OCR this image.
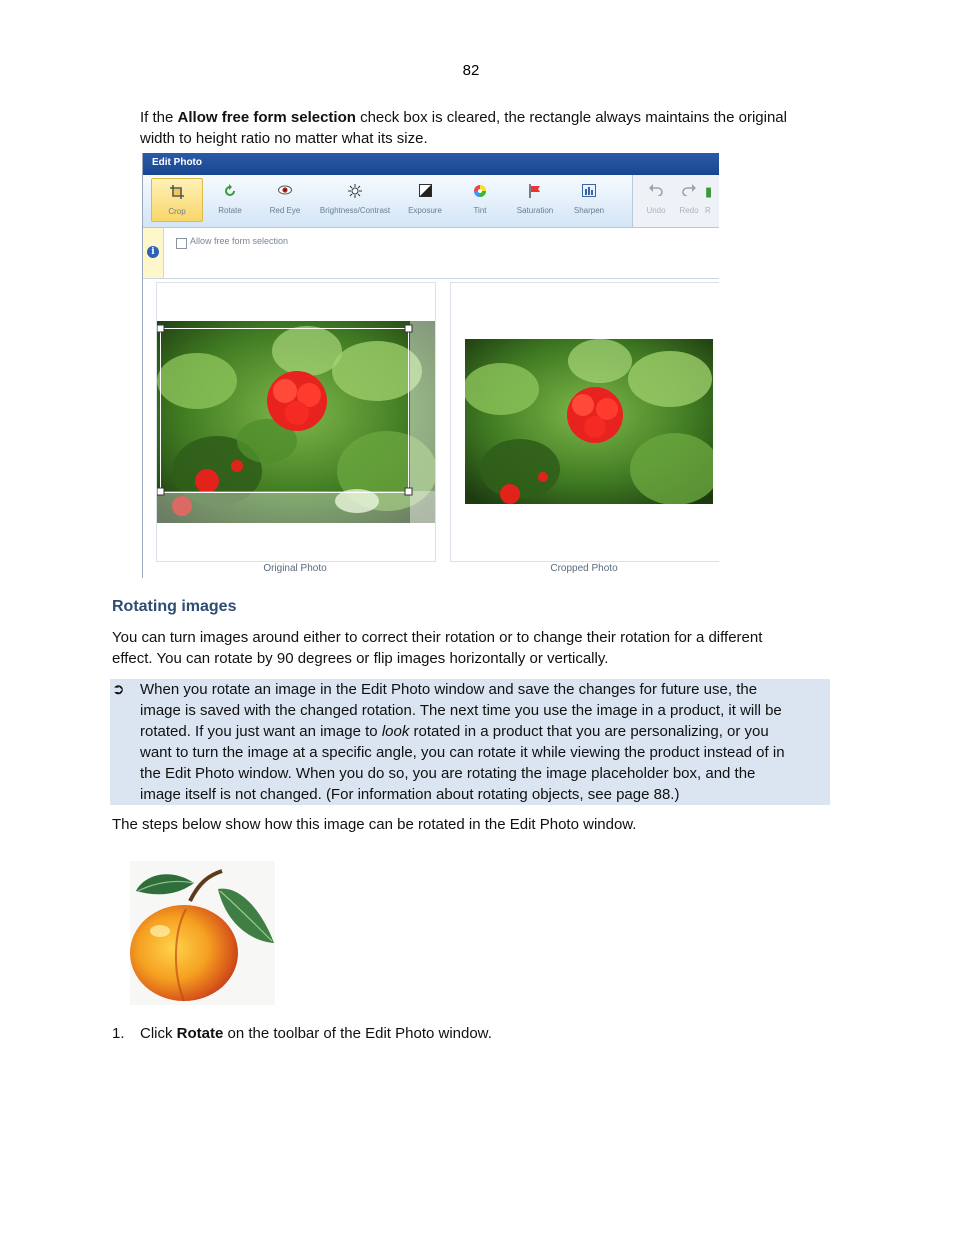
82
If the Allow free form selection check box is cleared, the rectangle always maintains the original
width to height ratio no matter what its size.
Edit Photo
Crop	Rotate	Red Eye	Brightness/Contrast	Exposure	Tint	Saturation	Sharpen	Undo	Redo
▮
R
i
Allow free form selection
Original Photo	Cropped Photo
Rotating images
You can turn images around either to correct their rotation or to change their rotation for a different
effect. You can rotate by 90 degrees or flip images horizontally or vertically.
➲ When you rotate an image in the Edit Photo window and save the changes for future use, the
image is saved with the changed rotation. The next time you use the image in a product, it will be
rotated. If you just want an image to look rotated in a product that you are personalizing, or you
want to turn the image at a specific angle, you can rotate it while viewing the product instead of in
the Edit Photo window. When you do so, you are rotating the image placeholder box, and the
image itself is not changed. (For information about rotating objects, see page 88.)
The steps below show how this image can be rotated in the Edit Photo window.
1. Click Rotate on the toolbar of the Edit Photo window.
